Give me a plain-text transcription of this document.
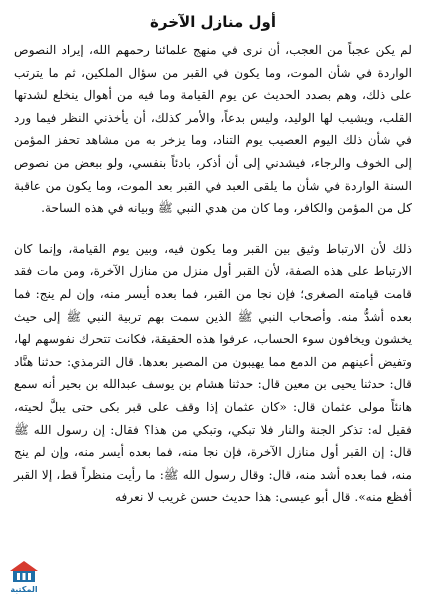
أول منازل الآخرة

لم يكن عجباً من العجب، أن نرى في منهج علمائنا رحمهم الله، إيراد النصوص الواردة في شأن الموت، وما يكون في القبر من سؤال الملكين، ثم ما يترتب على ذلك، وهم بصدد الحديث عن يوم القيامة وما فيه من أهوال ينخلع لشدتها القلب، ويشيب لها الوليد، وليس بدعاً، والأمر كذلك، أن يأخذني النظر فيما ورد في شأن ذلك اليوم العصيب يوم التناد، وما يزخر به من مشاهد تحفز المؤمن إلى الخوف والرجاء، فيشدني إلى أن أذكر، بادئاً بنفسي، ولو ببعض من نصوص السنة الواردة في شأن ما يلقى العبد في القبر بعد الموت، وما يكون من عاقبة كل من المؤمن والكافر، وما كان من هدي النبي ﷺ وبيانه في هذه الساحة.

ذلك لأن الارتباط وثيق بين القبر وما يكون فيه، وبين يوم القيامة، وإنما كان الارتباط على هذه الصفة، لأن القبر أول منزل من منازل الآخرة، ومن مات فقد قامت قيامته الصغرى؛ فإن نجا من القبر، فما بعده أيسر منه، وإن لم ينج: فما بعده أشدُّ منه. وأصحاب النبي ﷺ الذين سمت بهم تربية النبي ﷺ إلى حيث يخشون ويخافون سوء الحساب، عرفوا هذه الحقيقة، فكانت تتحرك نفوسهم لها، وتفيض أعينهم من الدمع مما يهيبون من المصير بعدها. قال الترمذي: حدثنا هنَّاد قال: حدثنا يحيى بن معين قال: حدثنا هشام بن يوسف عبدالله بن بحير أنه سمع هانئاً مولى عثمان قال: «كان عثمان إذا وقف على قبر بكى حتى يبلَّ لحيته، فقيل له: تذكر الجنة والنار فلا تبكي، وتبكي من هذا؟ فقال: إن رسول الله ﷺ قال: إن القبر أول منازل الآخرة، فإن نجا منه، فما بعده أيسر منه، وإن لم ينج منه، فما بعده أشد منه، قال: وقال رسول الله ﷺ: ما رأيت منظراً قط، إلا القبر أفظع منه». قال أبو عيسى: هذا حديث حسن غريب لا نعرفه

المكتبة
